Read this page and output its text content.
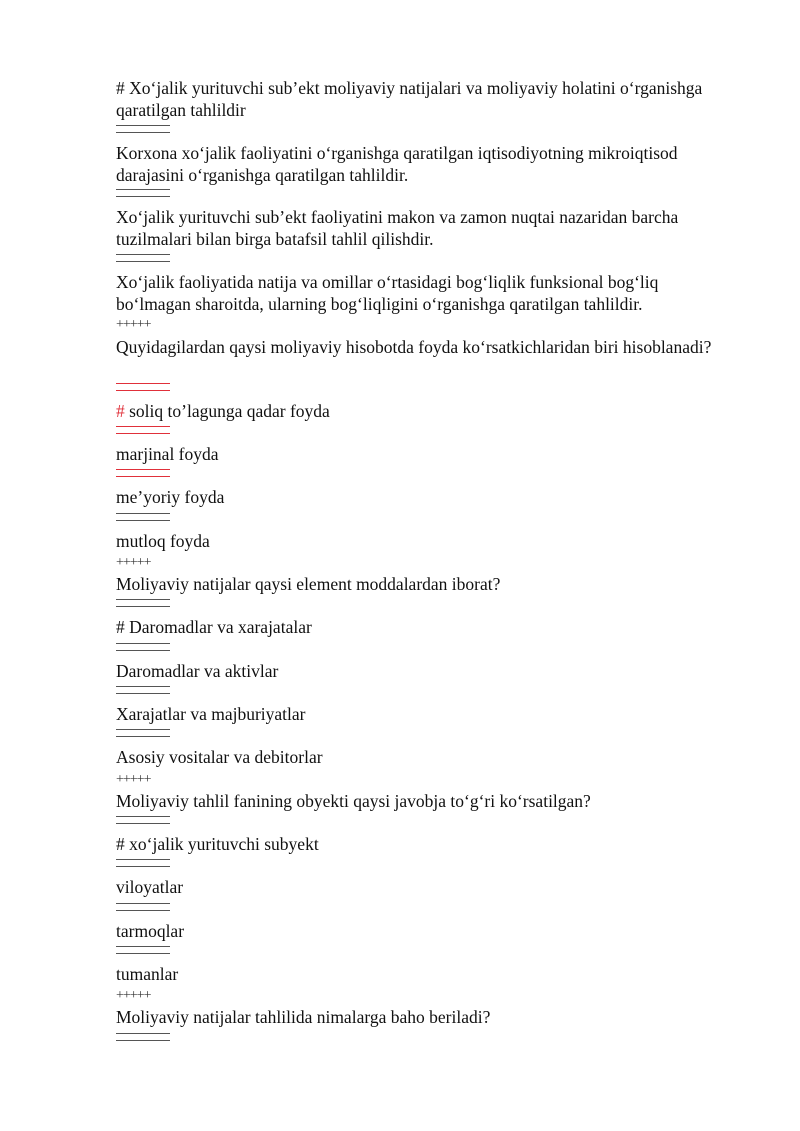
# Xo‘jalik yurituvchi sub’ekt moliyaviy natijalari va moliyaviy holatini o‘rganishga qaratilgan tahlildir
Korxona xo‘jalik faoliyatini o‘rganishga qaratilgan iqtisodiyotning mikroiqtisod darajasini o‘rganishga qaratilgan tahlildir.
Xo‘jalik yurituvchi sub’ekt faoliyatini makon va zamon nuqtai nazaridan barcha tuzilmalari bilan birga batafsil tahlil qilishdir.
Xo‘jalik faoliyatida natija va omillar o‘rtasidagi bog‘liqlik funksional bog‘liq bo‘lmagan sharoitda, ularning bog‘liqligini o‘rganishga qaratilgan tahlildir.
+++++
Quyidagilardan qaysi moliyaviy hisobotda foyda ko‘rsatkichlaridan biri hisoblanadi?
# soliq to’lagunga qadar foyda
marjinal foyda
me’yoriy foyda
mutloq foyda
+++++
Moliyaviy natijalar qaysi element moddalardan iborat?
# Daromadlar va xarajatalar
Daromadlar va aktivlar
Xarajatlar va majburiyatlar
Asosiy vositalar va debitorlar
+++++
Moliyaviy tahlil fanining obyekti qaysi javobja to‘g‘ri ko‘rsatilgan?
# xo‘jalik yurituvchi subyekt
viloyatlar
tarmoqlar
tumanlar
+++++
Moliyaviy natijalar tahlilida nimalarga baho beriladi?
